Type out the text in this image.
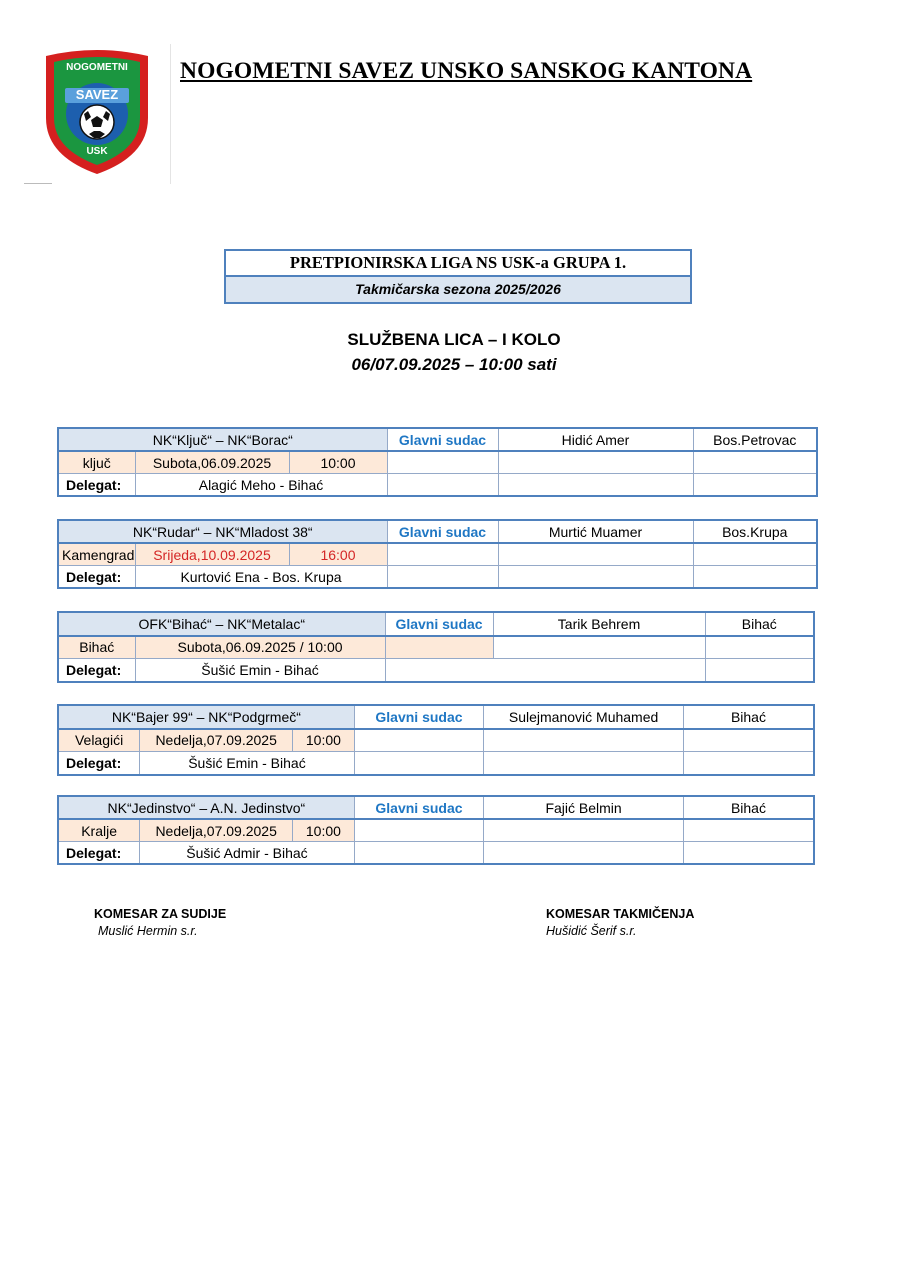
NOGOMETNI
SAVEZ
USK
NOGOMETNI SAVEZ UNSKO SANSKOG KANTONA
PRETPIONIRSKA LIGA NS USK-a GRUPA 1.
Takmičarska sezona 2025/2026
SLUŽBENA LICA – I KOLO
06/07.09.2025 – 10:00 sati
NK“Ključ“ – NK“Borac“			Glavni sudac	Hidić Amer	Bos.Petrovac
ključ	Subota,06.09.2025	10:00			
Delegat:	Alagić Meho - Bihać				
NK“Rudar“ – NK“Mladost 38“			Glavni sudac	Murtić Muamer	Bos.Krupa
Kamengrad	Srijeda,10.09.2025	16:00			
Delegat:	Kurtović Ena - Bos. Krupa				
OFK“Bihać“ – NK“Metalac“		Glavni sudac	Tarik Behrem	Bihać
Bihać	Subota,06.09.2025 / 10:00			
Delegat:	Šušić Emin - Bihać			
NK“Bajer 99“ – NK“Podgrmeč“			Glavni sudac	Sulejmanović Muhamed	Bihać
Velagići	Nedelja,07.09.2025	10:00			
Delegat:	Šušić Emin - Bihać				
NK“Jedinstvo“ – A.N. Jedinstvo“			Glavni sudac	Fajić Belmin	Bihać
Kralje	Nedelja,07.09.2025	10:00			
Delegat:	Šušić Admir - Bihać				
KOMESAR ZA SUDIJE
Muslić Hermin s.r.
KOMESAR TAKMIČENJA
Hušidić Šerif s.r.
